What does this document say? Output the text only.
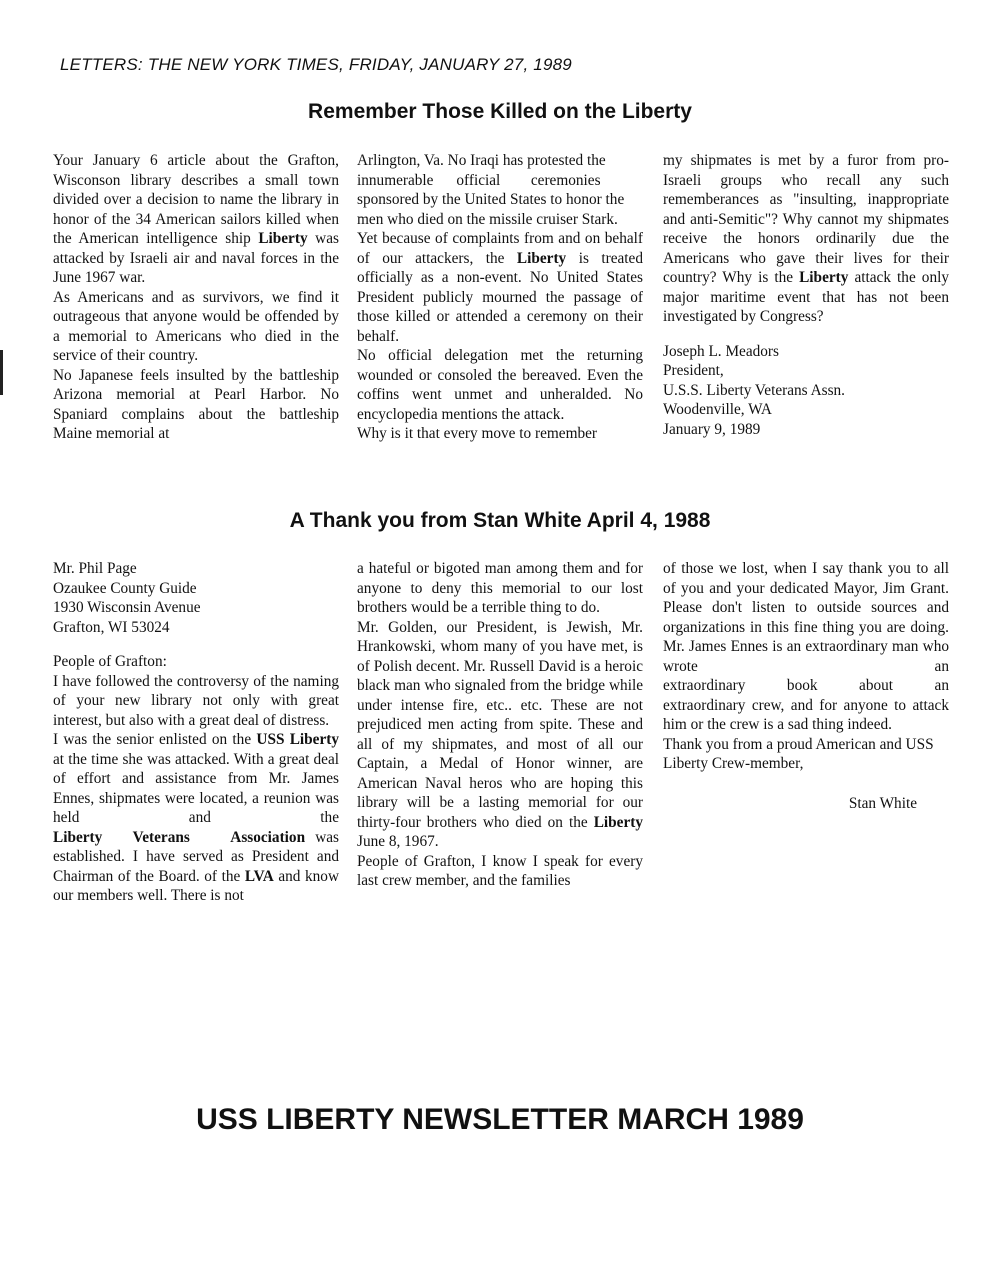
LETTERS: THE NEW YORK TIMES, FRIDAY, JANUARY 27, 1989
Remember Those Killed on the Liberty

Your January 6 article about the Grafton, Wisconson library describes a small town divided over a decision to name the library in honor of the 34 American sailors killed when the American intelligence ship Liberty was attacked by Israeli air and naval forces in the June 1967 war.

As Americans and as survivors, we find it outrageous that anyone would be offended by a memorial to Americans who died in the service of their country.

No Japanese feels insulted by the battleship Arizona memorial at Pearl Harbor. No Spaniard complains about the battleship Maine memorial at

Arlington, Va. No Iraqi has protested the innumerable      official        ceremonies sponsored by the United States to honor the men who died on the missile cruiser Stark.

Yet because of complaints from and on behalf of our attackers, the Liberty is treated officially as a non-event. No United States President publicly mourned the passage of those killed or attended a ceremony on their behalf.

No official delegation met the returning wounded or consoled the bereaved. Even the coffins went unmet and unheralded. No encyclopedia mentions the attack.

Why is it that every move to remember

my shipmates is met by a furor from pro-Israeli groups who recall any such rememberances as "insulting, inappropriate and anti-Semitic"? Why cannot my shipmates receive the honors ordinarily due the Americans who gave their lives for their country? Why is the Liberty attack the only major maritime event that has not been investigated by Congress?

Joseph L. Meadors
President,
U.S.S. Liberty Veterans Assn.
Woodenville, WA
January 9, 1989
A Thank you from Stan White April 4, 1988
Mr. Phil Page
Ozaukee County Guide
1930 Wisconsin Avenue
Grafton, WI 53024

People of Grafton:

I have followed the controversy of the naming of your new library not only with great interest, but also with a great deal of distress.

I was the senior enlisted on the USS Liberty at the time she was attacked. With a great deal of effort and assistance from Mr. James Ennes, shipmates were located, a reunion was held and the Liberty   Veterans    Association was established. I have served as President and Chairman of the Board. of the LVA and know our members well. There is not

a hateful or bigoted man among them and for anyone to deny this memorial to our lost brothers would be a terrible thing to do.

Mr. Golden, our President, is Jewish, Mr. Hrankowski, whom many of you have met, is of Polish decent. Mr. Russell David is a heroic black man who signaled from the bridge while under intense fire, etc.. etc. These are not prejudiced men acting from spite. These and all of my shipmates, and most of all our Captain, a Medal of Honor winner, are American Naval heros who are hoping this library will be a lasting memorial for our thirty-four brothers who died on the Liberty June 8, 1967.

People of Grafton, I know I speak for every last crew member, and the families

of those we lost, when I say thank you to all of you and your dedicated Mayor, Jim Grant. Please don't listen to outside sources and organizations in this fine thing you are doing. Mr. James Ennes is an extraordinary man who wrote an extraordinary      book      about      an extraordinary crew, and for anyone to attack him or the crew is a sad thing indeed.

Thank you from a proud American and USS Liberty Crew-member,

Stan White

USS LIBERTY NEWSLETTER MARCH 1989
